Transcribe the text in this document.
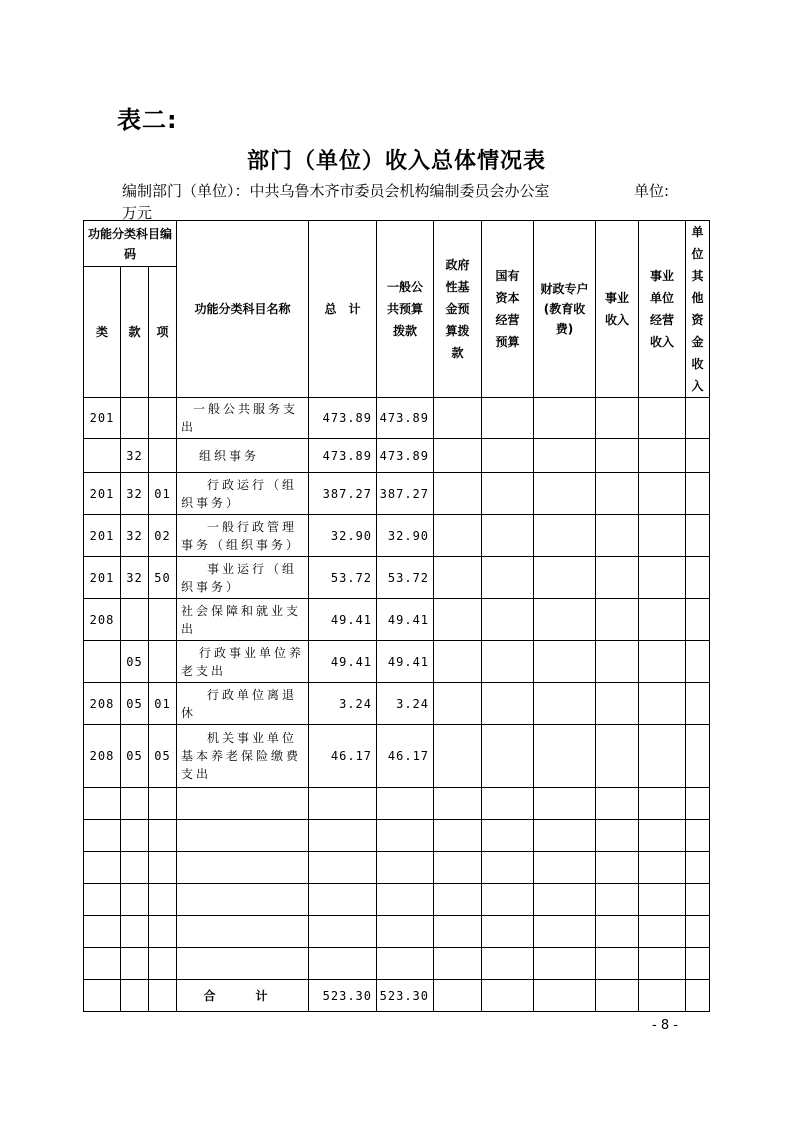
表二:
部门（单位）收入总体情况表
编制部门（单位）：中共乌鲁木齐市委员会机构编制委员会办公室	单位:
万元
功能分类科目编码			功能分类科目名称	总　计	一般公共预算拨款	政府性基金预算拨款	国有资本经营预算	财政专户(教育收费)	事业收入	事业单位经营收入	单位其他资金收入
类	款	项									
201			一般公共服务支出	473.89	473.89						
	32		组织事务	473.89	473.89						
201	32	01	行政运行（组织事务）	387.27	387.27						
201	32	02	一般行政管理事务（组织事务）	32.90	32.90						
201	32	50	事业运行（组织事务）	53.72	53.72						
208			社会保障和就业支出	49.41	49.41						
	05		行政事业单位养老支出	49.41	49.41						
208	05	01	行政单位离退休	3.24	3.24						
208	05	05	机关事业单位基本养老保险缴费支出	46.17	46.17						

			合　计	523.30	523.30						
- 8 -
